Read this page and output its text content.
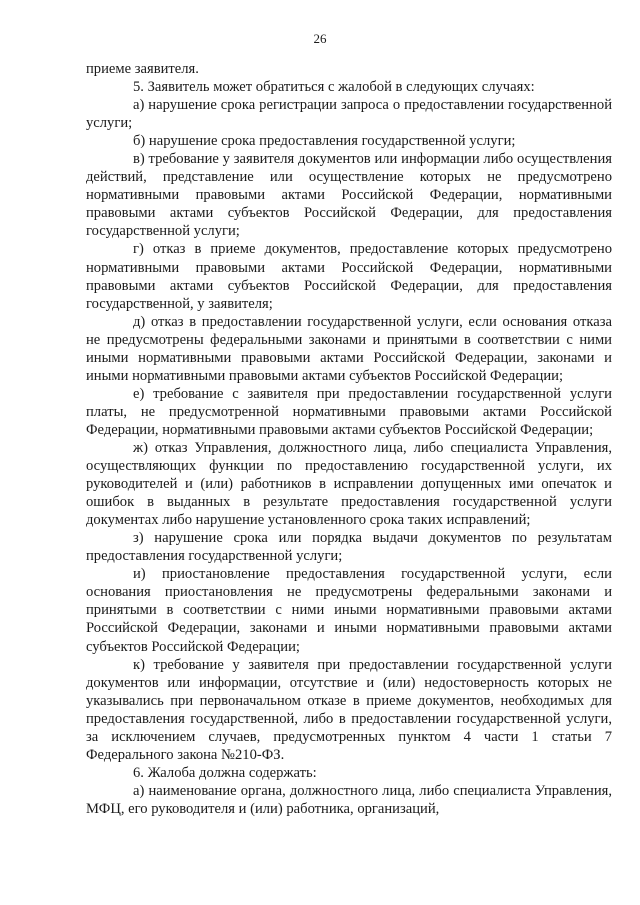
26

приеме заявителя.

5. Заявитель может обратиться с жалобой в следующих случаях:

а) нарушение срока регистрации запроса о предоставлении государственной услуги;

б) нарушение срока предоставления государственной услуги;

в) требование у заявителя документов или информации либо осуществления действий, представление или осуществление которых не предусмотрено нормативными правовыми актами Российской Федерации, нормативными правовыми актами субъектов Российской Федерации, для предоставления государственной услуги;

г) отказ в приеме документов, предоставление которых предусмотрено нормативными правовыми актами Российской Федерации, нормативными правовыми актами субъектов Российской Федерации, для предоставления государственной, у заявителя;

д) отказ в предоставлении государственной услуги, если основания отказа не предусмотрены федеральными законами и принятыми в соответствии с ними иными нормативными правовыми актами Российской Федерации, законами и иными нормативными правовыми актами субъектов Российской Федерации;

е) требование с заявителя при предоставлении государственной услуги платы, не предусмотренной нормативными правовыми актами Российской Федерации, нормативными правовыми актами субъектов Российской Федерации;

ж) отказ Управления, должностного лица, либо специалиста Управления, осуществляющих функции по предоставлению государственной услуги, их руководителей и (или) работников в исправлении допущенных ими опечаток и ошибок в выданных в результате предоставления государственной услуги документах либо нарушение установленного срока таких исправлений;

з) нарушение срока или порядка выдачи документов по результатам предоставления государственной услуги;

и) приостановление предоставления государственной услуги, если основания приостановления не предусмотрены федеральными законами и принятыми в соответствии с ними иными нормативными правовыми актами Российской Федерации, законами и иными нормативными правовыми актами субъектов Российской Федерации;

к) требование у заявителя при предоставлении государственной услуги документов или информации, отсутствие и (или) недостоверность которых не указывались при первоначальном отказе в приеме документов, необходимых для предоставления государственной, либо в предоставлении государственной услуги, за исключением случаев, предусмотренных пунктом 4 части 1 статьи 7 Федерального закона №210-ФЗ.

6. Жалоба должна содержать:

а) наименование органа, должностного лица, либо специалиста Управления, МФЦ, его руководителя и (или) работника, организаций,
